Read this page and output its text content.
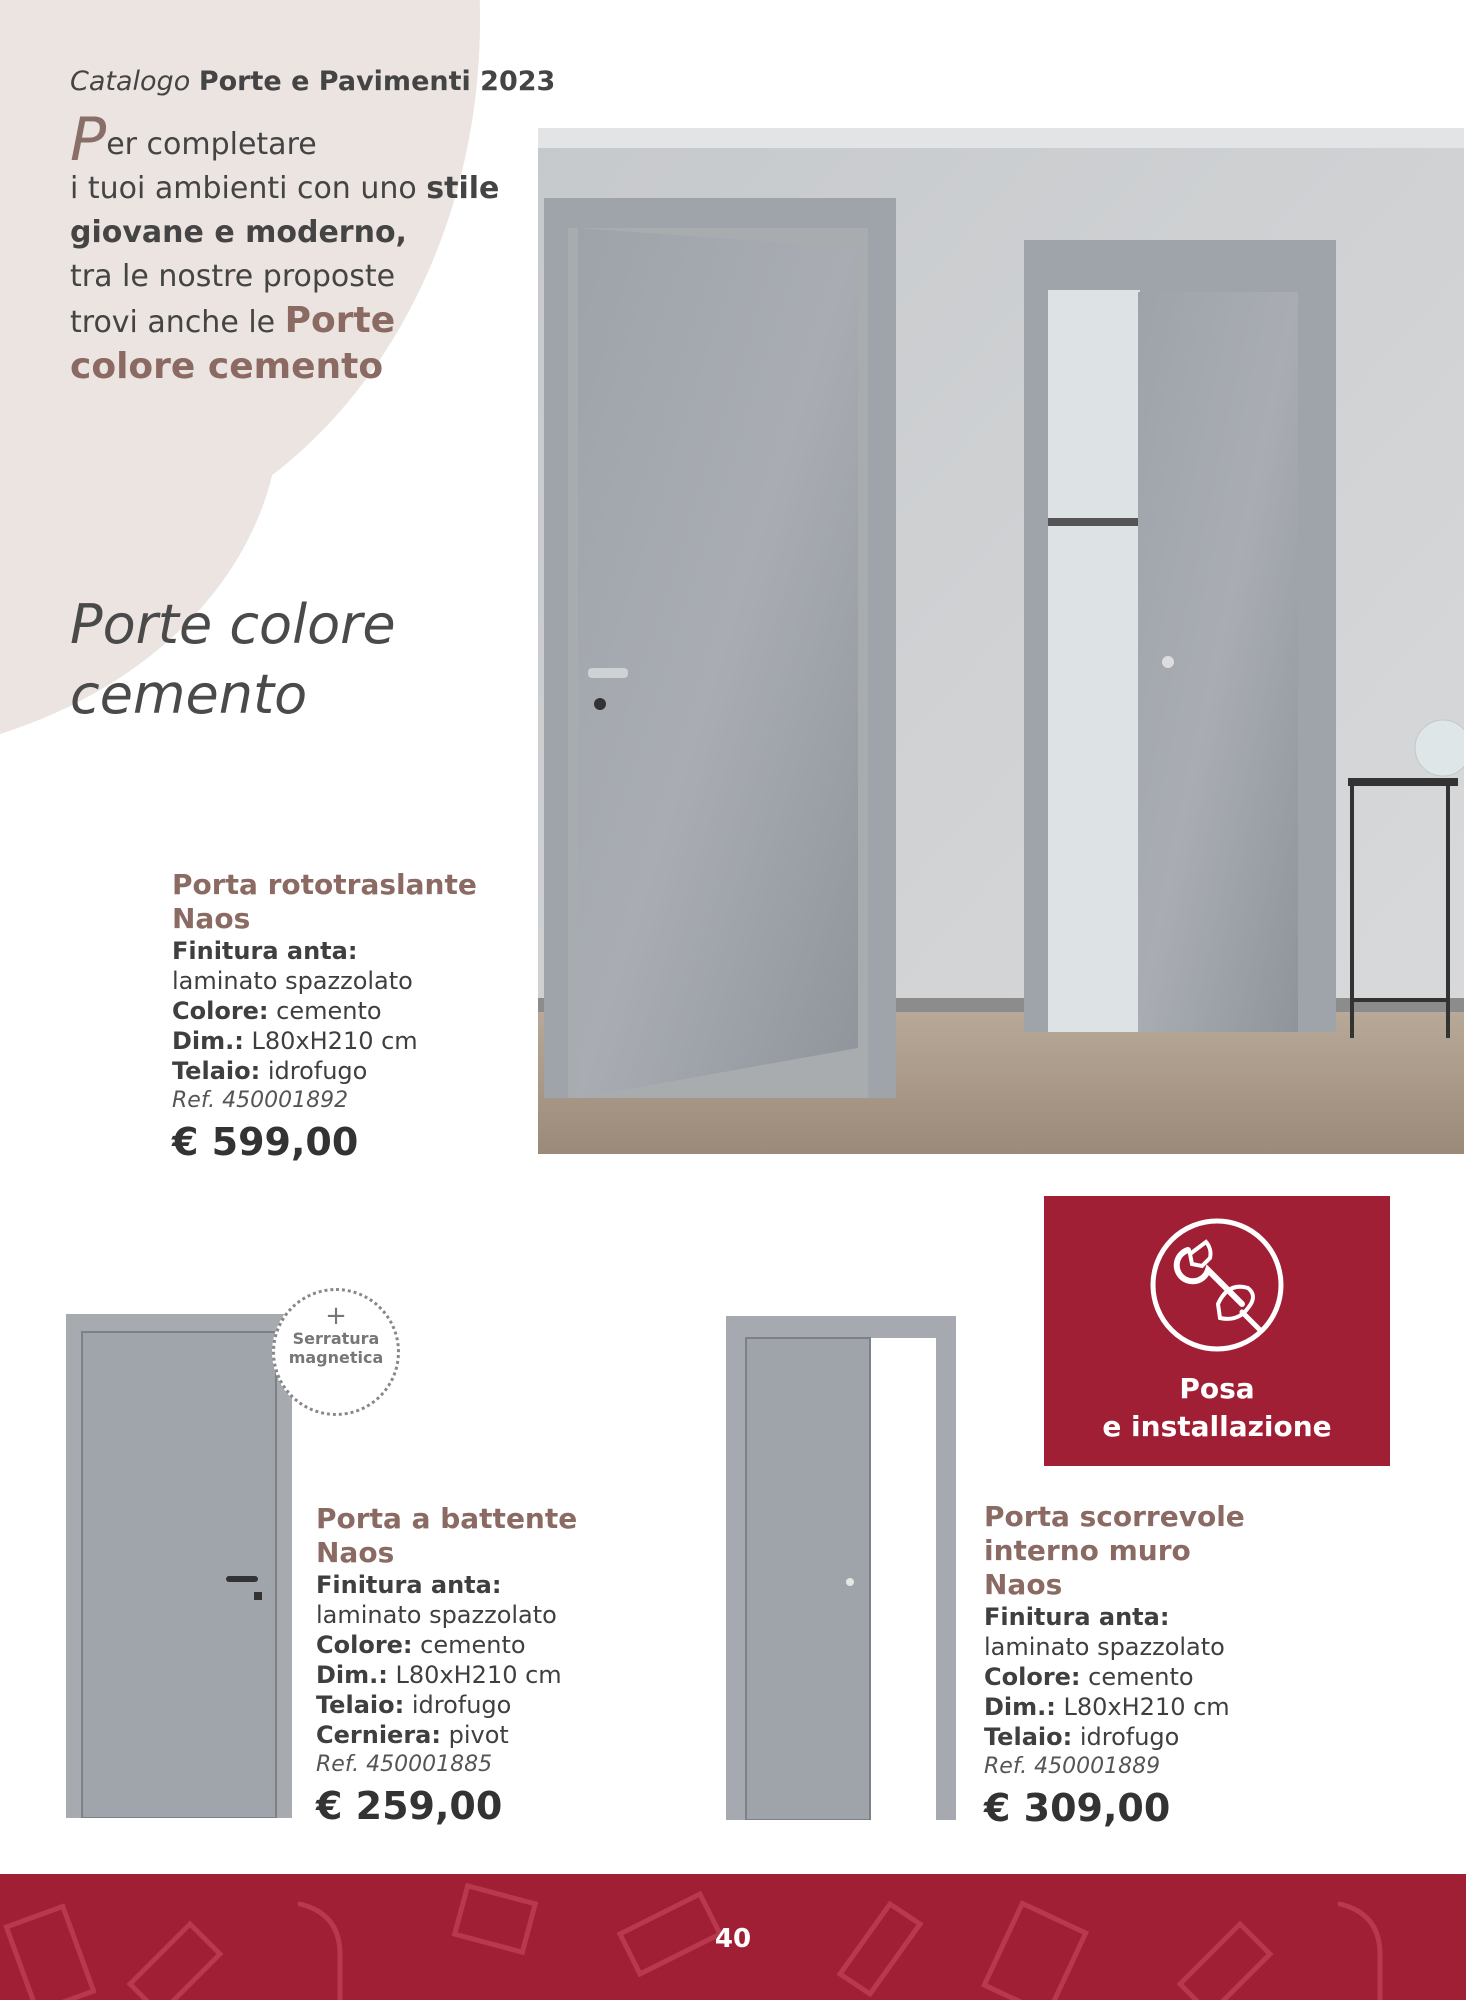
Catalogo Porte e Pavimenti 2023
Per completare
i tuoi ambienti con uno stile
giovane e moderno,
tra le nostre proposte
trovi anche le Porte
colore cemento
Porte colore
cemento
Porta rototraslante
Naos
Finitura anta:
laminato spazzolato
Colore: cemento
Dim.: L80xH210 cm
Telaio: idrofugo
Ref. 450001892
€ 599,00
+
Serratura
magnetica
Porta a battente
Naos
Finitura anta:
laminato spazzolato
Colore: cemento
Dim.: L80xH210 cm
Telaio: idrofugo
Cerniera: pivot
Ref. 450001885
€ 259,00
Posa
e installazione
Porta scorrevole
interno muro
Naos
Finitura anta:
laminato spazzolato
Colore: cemento
Dim.: L80xH210 cm
Telaio: idrofugo
Ref. 450001889
€ 309,00
40
